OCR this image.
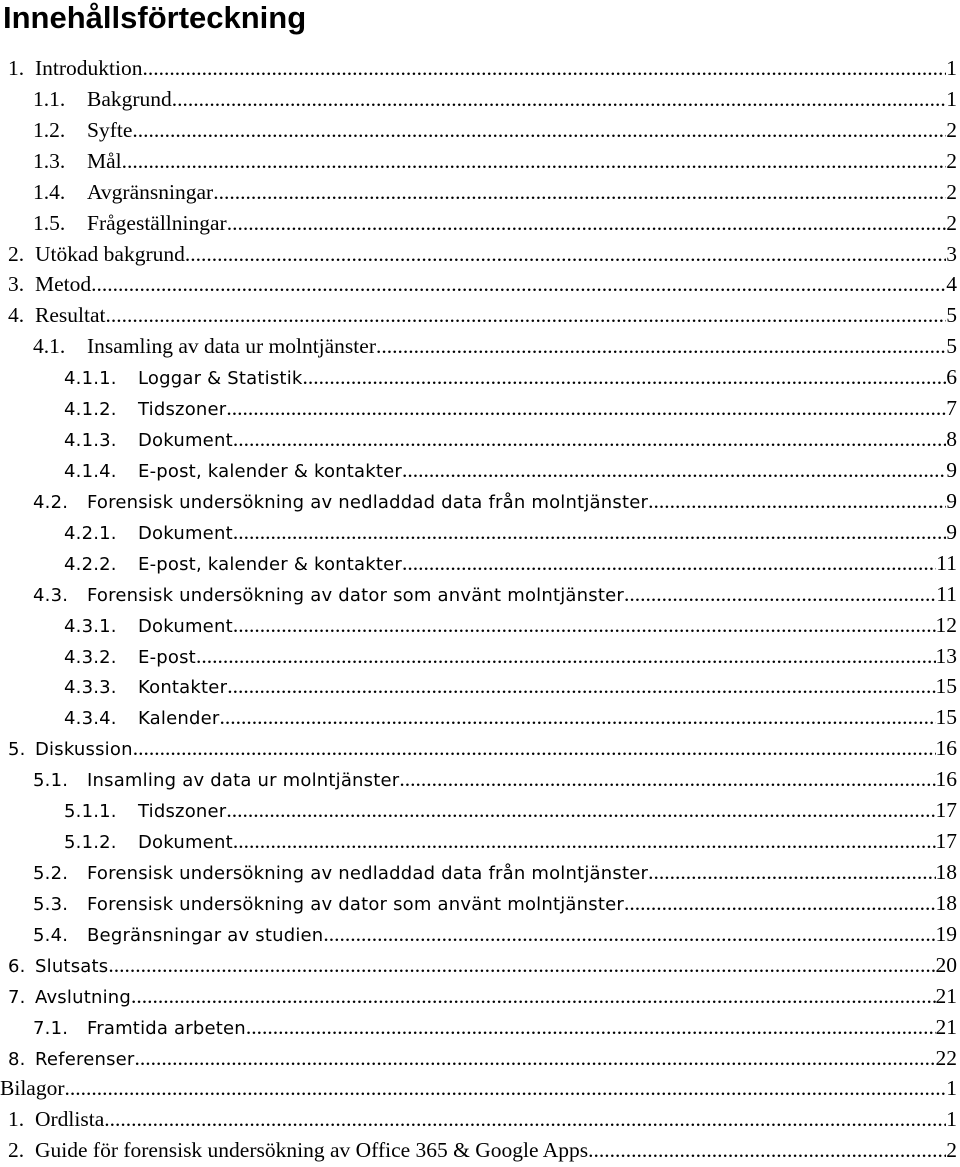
Innehållsförteckning
1. Introduktion .....	1
1.1.	Bakgrund .....	1
1.2.	Syfte .....	2
1.3.	Mål .....	2
1.4.	Avgränsningar .....	2
1.5.	Frågeställningar .....	2
2. Utökad bakgrund .....	3
3. Metod .....	4
4. Resultat .....	5
4.1.	Insamling av data ur molntjänster .....	5
4.1.1.	Loggar & Statistik .....	6
4.1.2.	Tidszoner .....	7
4.1.3.	Dokument .....	8
4.1.4.	E-post, kalender & kontakter .....	9
4.2.	Forensisk undersökning av nedladdad data från molntjänster .....	9
4.2.1.	Dokument .....	9
4.2.2.	E-post, kalender & kontakter .....	11
4.3.	Forensisk undersökning av dator som använt molntjänster .....	11
4.3.1.	Dokument .....	12
4.3.2.	E-post .....	13
4.3.3.	Kontakter .....	15
4.3.4.	Kalender .....	15
5. Diskussion .....	16
5.1.	Insamling av data ur molntjänster .....	16
5.1.1.	Tidszoner .....	17
5.1.2.	Dokument .....	17
5.2.	Forensisk undersökning av nedladdad data från molntjänster .....	18
5.3.	Forensisk undersökning av dator som använt molntjänster .....	18
5.4.	Begränsningar av studien .....	19
6. Slutsats .....	20
7. Avslutning .....	21
7.1.	Framtida arbeten .....	21
8. Referenser .....	22
Bilagor .....	1
1. Ordlista .....	1
2. Guide för forensisk undersökning av Office 365 & Google Apps .....	2
